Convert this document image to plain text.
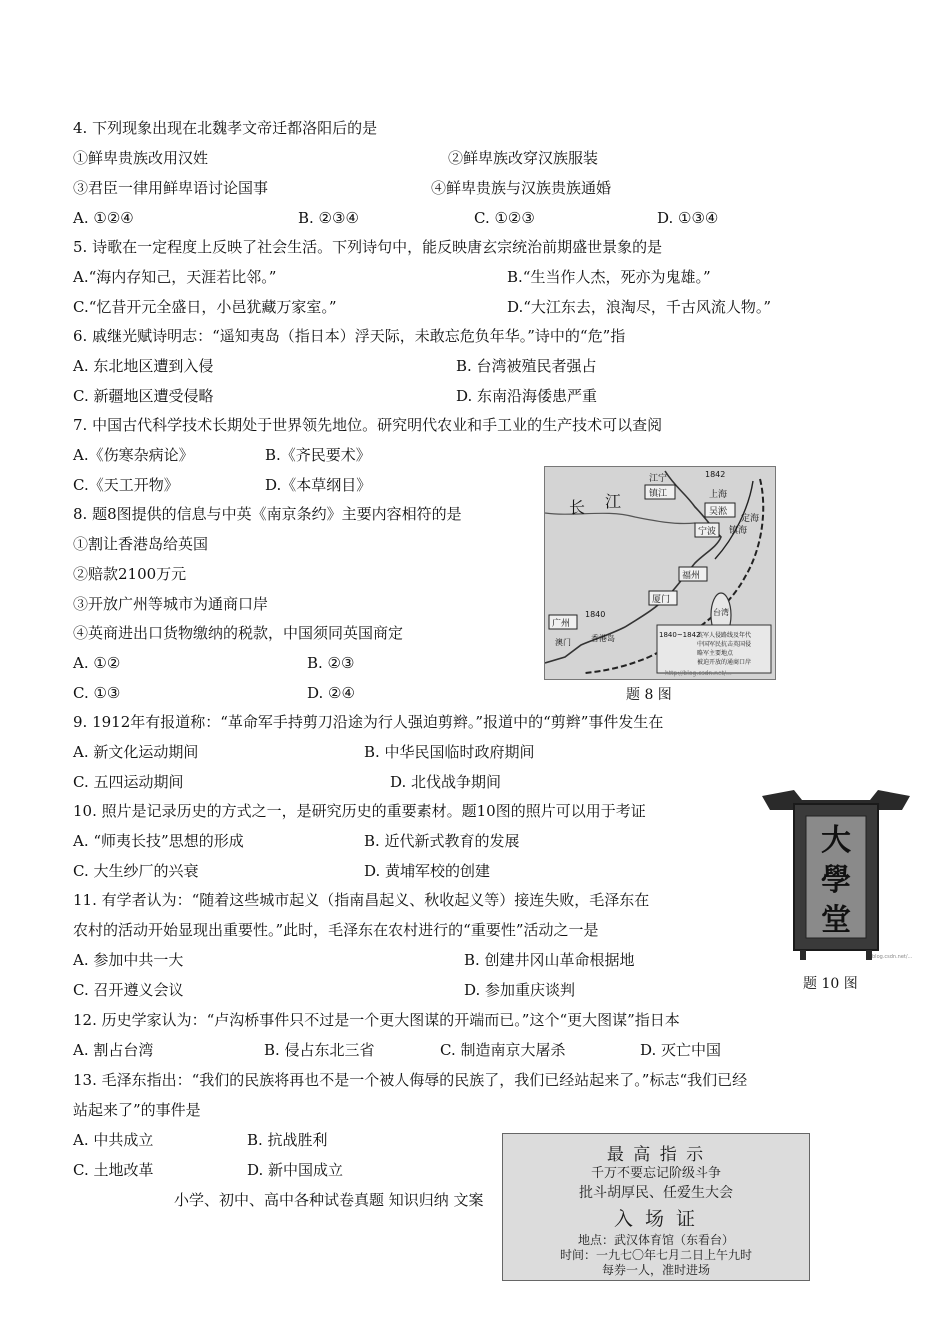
4. 下列现象出现在北魏孝文帝迁都洛阳后的是
①鲜卑贵族改用汉姓	②鲜卑族改穿汉族服装
③君臣一律用鲜卑语讨论国事	④鲜卑贵族与汉族贵族通婚
A. ①②④	B. ②③④	C. ①②③	D. ①③④
5. 诗歌在一定程度上反映了社会生活。下列诗句中，能反映唐玄宗统治前期盛世景象的是
A.“海内存知己，天涯若比邻。”	B.“生当作人杰，死亦为鬼雄。”
C.“忆昔开元全盛日，小邑犹藏万家室。”	D.“大江东去，浪淘尽，千古风流人物。”
6. 戚继光赋诗明志：“遥知夷岛（指日本）浮天际，未敢忘危负年华。”诗中的“危”指
A. 东北地区遭到入侵	B. 台湾被殖民者强占
C. 新疆地区遭受侵略	D. 东南沿海倭患严重
7. 中国古代科学技术长期处于世界领先地位。研究明代农业和手工业的生产技术可以查阅
A.《伤寒杂病论》	B.《齐民要术》
C.《天工开物》	D.《本草纲目》
8. 题8图提供的信息与中英《南京条约》主要内容相符的是
①割让香港岛给英国
②赔款2100万元
③开放广州等城市为通商口岸
④英商进出口货物缴纳的税款，中国须同英国商定
A. ①②	B. ②③
C. ①③	D. ②④
江宁	1842
镇江
吴淞
上海
镇海
定海
宁波
长 江
福州
厦门
台湾
广州
澳门	香港岛
1840
1840~1842
英军人侵路线及年代
中国军民抗击英国侵
略军主要地点
被迫开放的通商口岸
http://blog.csdn.net/...
题 8 图
9. 1912年有报道称：“革命军手持剪刀沿途为行人强迫剪辫。”报道中的“剪辫”事件发生在
A. 新文化运动期间	B. 中华民国临时政府期间
C. 五四运动期间	D. 北伐战争期间
10. 照片是记录历史的方式之一，是研究历史的重要素材。题10图的照片可以用于考证
A. “师夷长技”思想的形成	B. 近代新式教育的发展
C. 大生纱厂的兴衰	D. 黄埔军校的创建
大
學
堂
blog.csdn.net/...
题 10 图
11. 有学者认为：“随着这些城市起义（指南昌起义、秋收起义等）接连失败，毛泽东在
农村的活动开始显现出重要性。”此时，毛泽东在农村进行的“重要性”活动之一是
A. 参加中共一大	B. 创建井冈山革命根据地
C. 召开遵义会议	D. 参加重庆谈判
12. 历史学家认为：“卢沟桥事件只不过是一个更大图谋的开端而已。”这个“更大图谋”指日本
A. 割占台湾	B. 侵占东北三省	C. 制造南京大屠杀	D. 灭亡中国
13. 毛泽东指出：“我们的民族将再也不是一个被人侮辱的民族了，我们已经站起来了。”标志“我们已经
站起来了”的事件是
A. 中共成立	B. 抗战胜利
C. 土地改革	D. 新中国成立
小学、初中、高中各种试卷真题 知识归纳 文案
最 高 指 示
千万不要忘记阶级斗争
批斗胡厚民、任爱生大会
入 场 证
地点：武汉体育馆（东看台）
时间：一九七〇年七月二日上午九时
每券一人，准时进场
